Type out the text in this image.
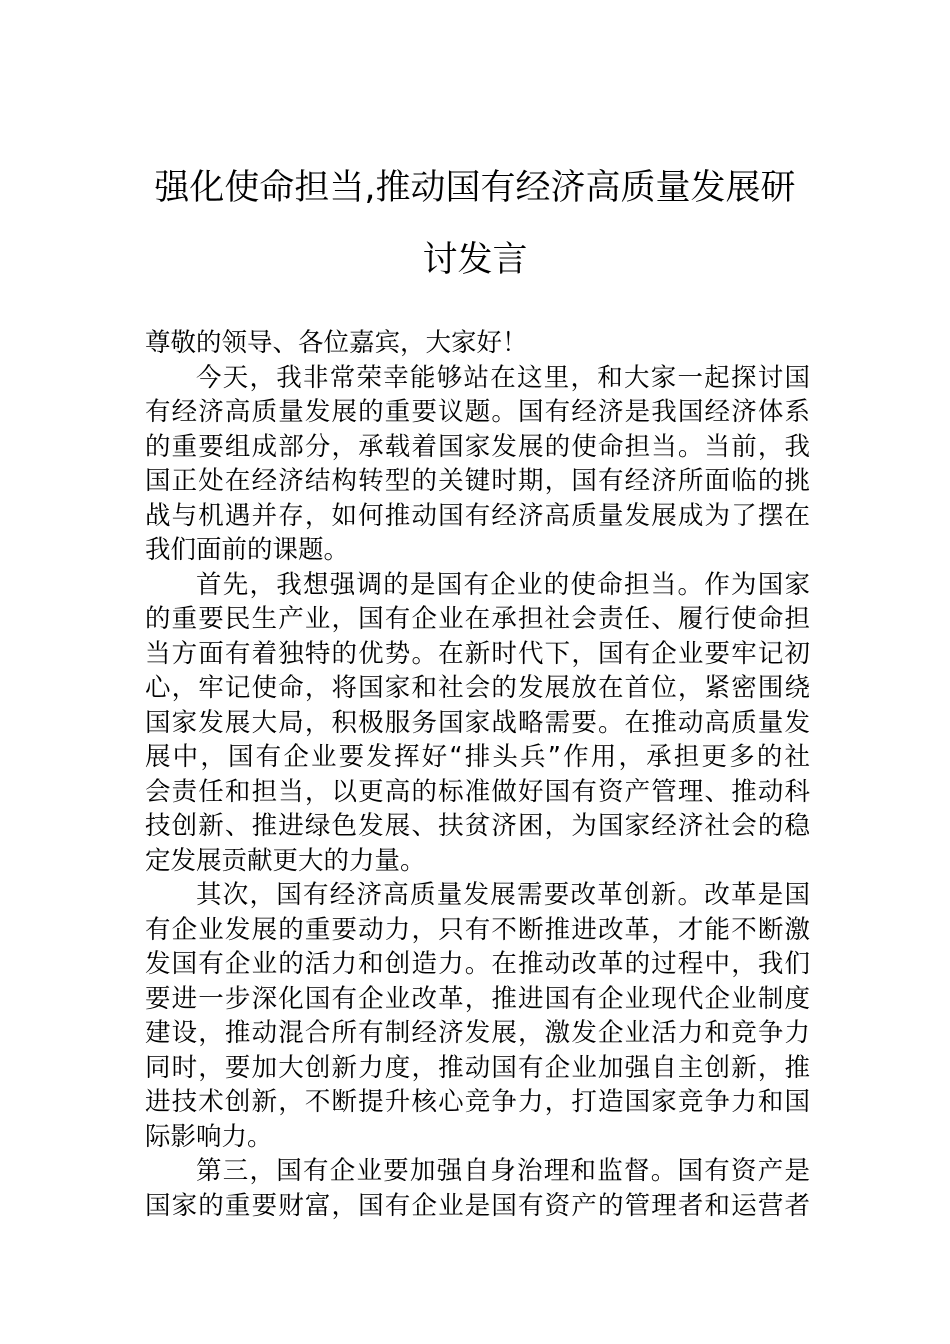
强化使命担当,推动国有经济高质量发展研
讨发言
尊敬的领导、各位嘉宾，大家好！
今天，我非常荣幸能够站在这里，和大家一起探讨国
有经济高质量发展的重要议题。国有经济是我国经济体系
的重要组成部分，承载着国家发展的使命担当。当前，我
国正处在经济结构转型的关键时期，国有经济所面临的挑
战与机遇并存，如何推动国有经济高质量发展成为了摆在
我们面前的课题。
首先，我想强调的是国有企业的使命担当。作为国家
的重要民生产业，国有企业在承担社会责任、履行使命担
当方面有着独特的优势。在新时代下，国有企业要牢记初
心，牢记使命，将国家和社会的发展放在首位，紧密围绕
国家发展大局，积极服务国家战略需要。在推动高质量发
展中，国有企业要发挥好“排头兵”作用，承担更多的社
会责任和担当，以更高的标准做好国有资产管理、推动科
技创新、推进绿色发展、扶贫济困，为国家经济社会的稳
定发展贡献更大的力量。
其次，国有经济高质量发展需要改革创新。改革是国
有企业发展的重要动力，只有不断推进改革，才能不断激
发国有企业的活力和创造力。在推动改革的过程中，我们
要进一步深化国有企业改革，推进国有企业现代企业制度
建设，推动混合所有制经济发展，激发企业活力和竞争力
同时，要加大创新力度，推动国有企业加强自主创新，推
进技术创新，不断提升核心竞争力，打造国家竞争力和国
际影响力。
第三，国有企业要加强自身治理和监督。国有资产是
国家的重要财富，国有企业是国有资产的管理者和运营者
